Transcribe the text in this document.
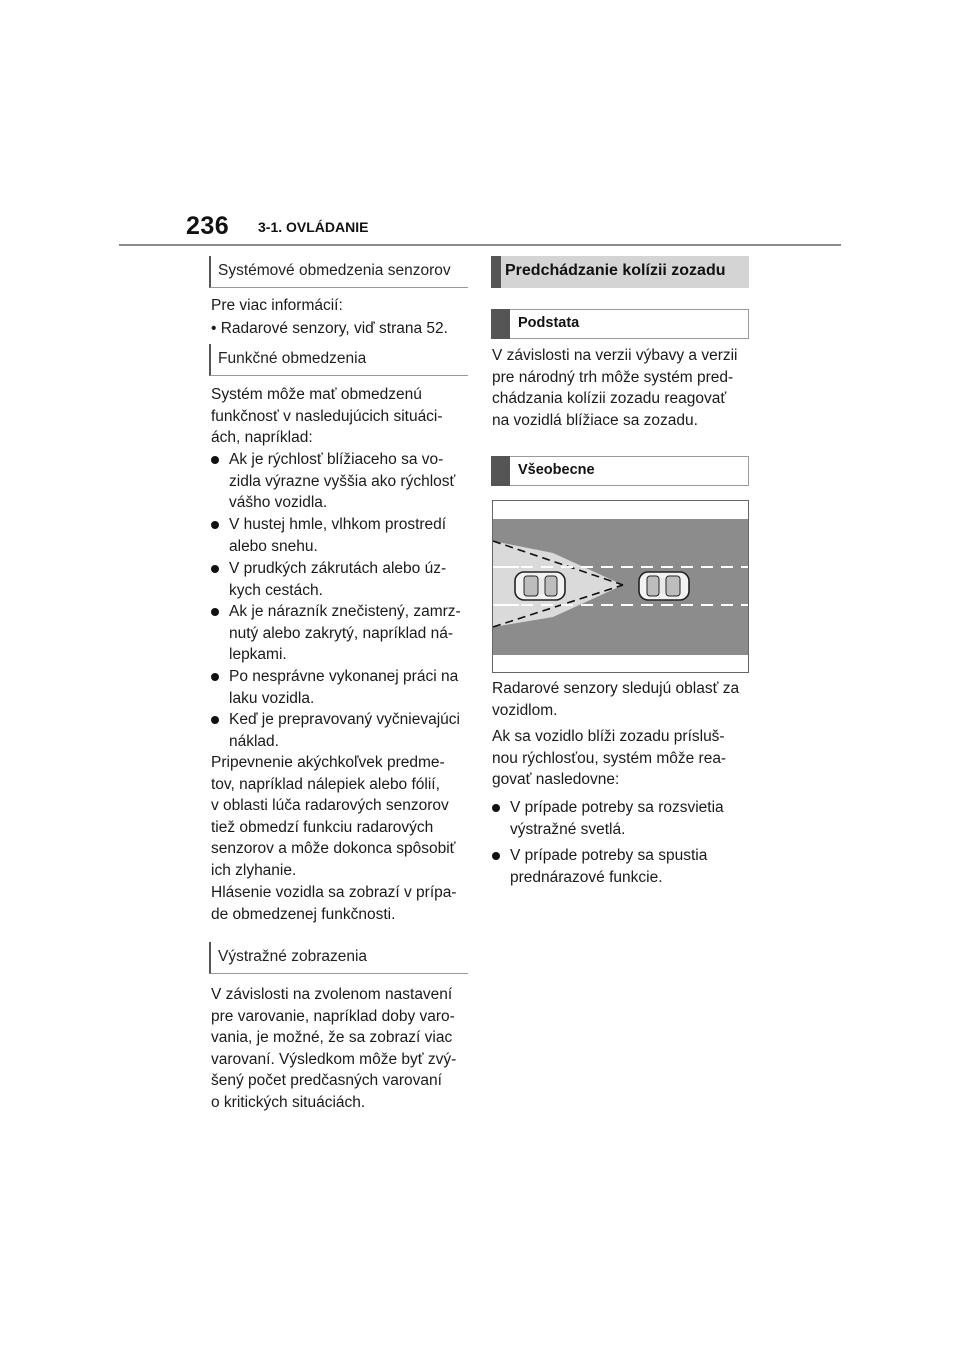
236 3-1. OVLÁDANIE
Systémové obmedzenia senzorov

Pre viac informácií:

• Radarové senzory, viď strana 52.

Funkčné obmedzenia

Systém môže mať obmedzenú

funkčnosť v nasledujúcich situáci-

ách, napríklad:

Ak je rýchlosť blížiaceho sa vo-

zidla výrazne vyššia ako rýchlosť

vášho vozidla.

V hustej hmle, vlhkom prostredí

alebo snehu.

V prudkých zákrutách alebo úz-

kych cestách.

Ak je nárazník znečistený, zamrz-

nutý alebo zakrytý, napríklad ná-

lepkami.

Po nesprávne vykonanej práci na

laku vozidla.

Keď je prepravovaný vyčnievajúci

náklad.

Pripevnenie akýchkoľvek predme-

tov, napríklad nálepiek alebo fólií,

v oblasti lúča radarových senzorov

tiež obmedzí funkciu radarových

senzorov a môže dokonca spôsobiť

ich zlyhanie.

Hlásenie vozidla sa zobrazí v prípa-

de obmedzenej funkčnosti.

Výstražné zobrazenia

V závislosti na zvolenom nastavení

pre varovanie, napríklad doby varo-

vania, je možné, že sa zobrazí viac

varovaní. Výsledkom môže byť zvý-

šený počet predčasných varovaní

o kritických situáciách.

Predchádzanie kolízii zozadu
Podstata

V závislosti na verzii výbavy a verzii

pre národný trh môže systém pred-

chádzania kolízii zozadu reagovať

na vozidlá blížiace sa zozadu.

Všeobecne

Radarové senzory sledujú oblasť za

vozidlom.

Ak sa vozidlo blíži zozadu prísluš-

nou rýchlosťou, systém môže rea-

govať nasledovne:

V prípade potreby sa rozsvietia

výstražné svetlá.

V prípade potreby sa spustia

prednárazové funkcie.
